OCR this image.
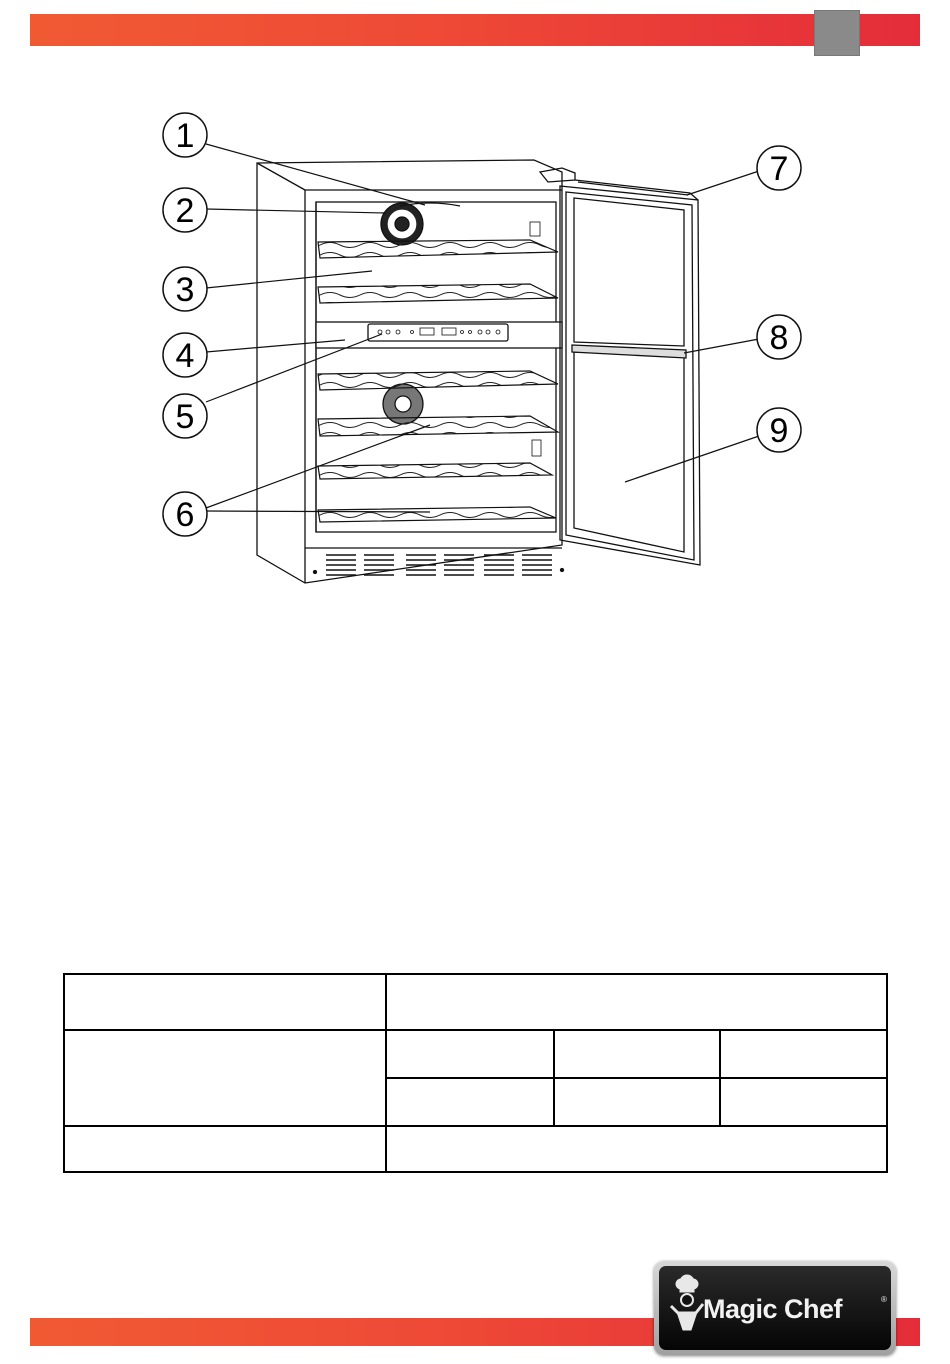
1
2
3
4
5
6
7
8
9

Magic Chef	®
